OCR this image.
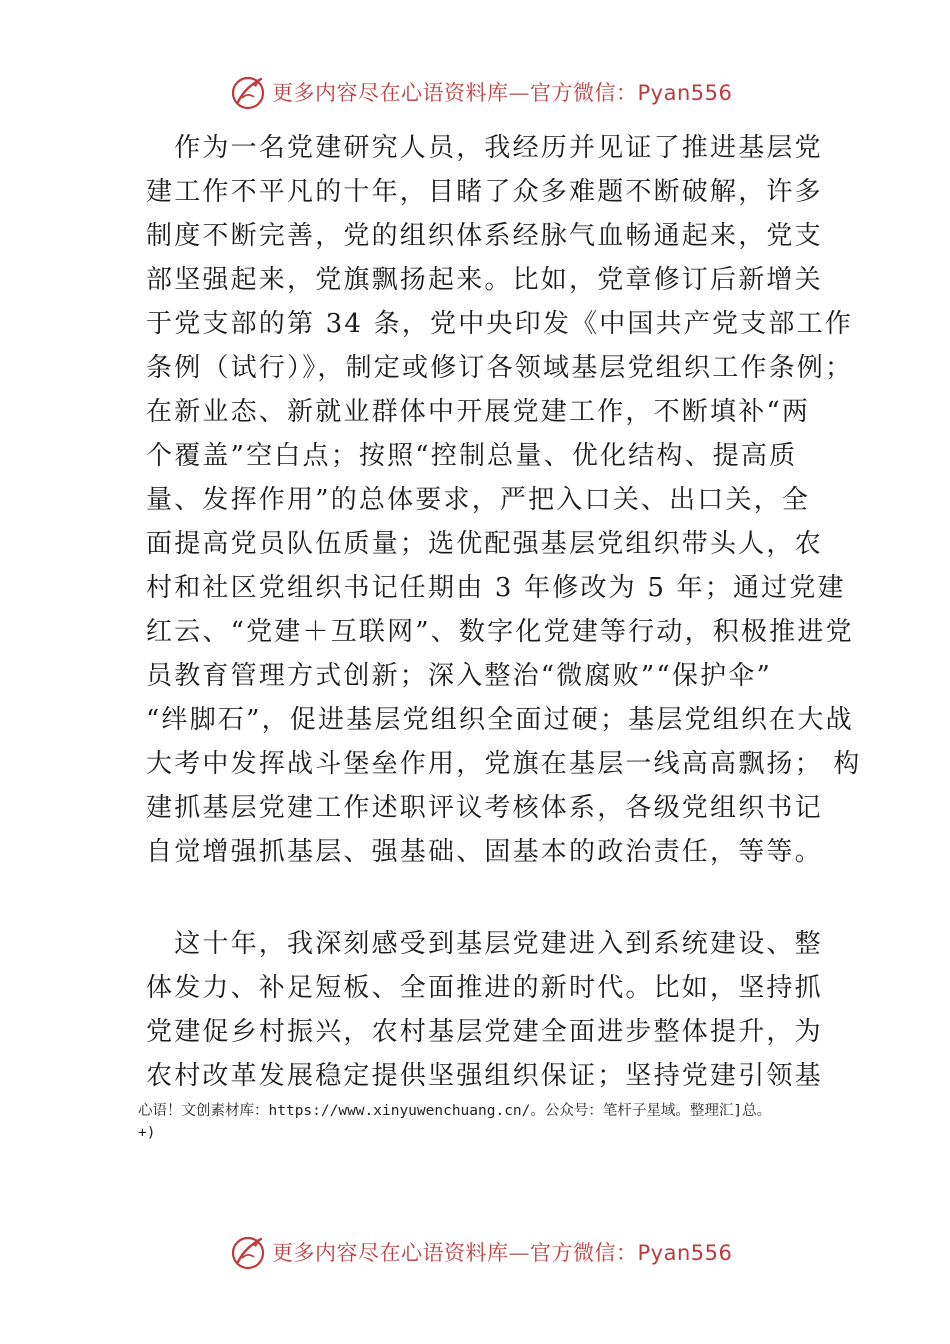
更多内容尽在心语资料库—官方微信：Pyan556
　作为一名党建研究人员，我经历并见证了推进基层党
建工作不平凡的十年，目睹了众多难题不断破解，许多
制度不断完善，党的组织体系经脉气血畅通起来，党支
部坚强起来，党旗飘扬起来。比如，党章修订后新增关
于党支部的第 34 条，党中央印发《中国共产党支部工作
条例（试行）》，制定或修订各领域基层党组织工作条例；
在新业态、新就业群体中开展党建工作，不断填补“两
个覆盖”空白点；按照“控制总量、优化结构、提高质
量、发挥作用”的总体要求，严把入口关、出口关，全
面提高党员队伍质量；选优配强基层党组织带头人，农
村和社区党组织书记任期由 3 年修改为 5 年；通过党建
红云、“党建＋互联网”、数字化党建等行动，积极推进党
员教育管理方式创新；深入整治“微腐败”“保护伞”
“绊脚石”，促进基层党组织全面过硬；基层党组织在大战
大考中发挥战斗堡垒作用，党旗在基层一线高高飘扬； 构
建抓基层党建工作述职评议考核体系，各级党组织书记
自觉增强抓基层、强基础、固基本的政治责任，等等。
　这十年，我深刻感受到基层党建进入到系统建设、整
体发力、补足短板、全面推进的新时代。比如，坚持抓
党建促乡村振兴，农村基层党建全面进步整体提升，为
农村改革发展稳定提供坚强组织保证；坚持党建引领基
心语！文创素材库：https://www.xinyuwenchuang.cn/。公众号：笔杆子星域。整理汇]总。
+)
更多内容尽在心语资料库—官方微信：Pyan556
